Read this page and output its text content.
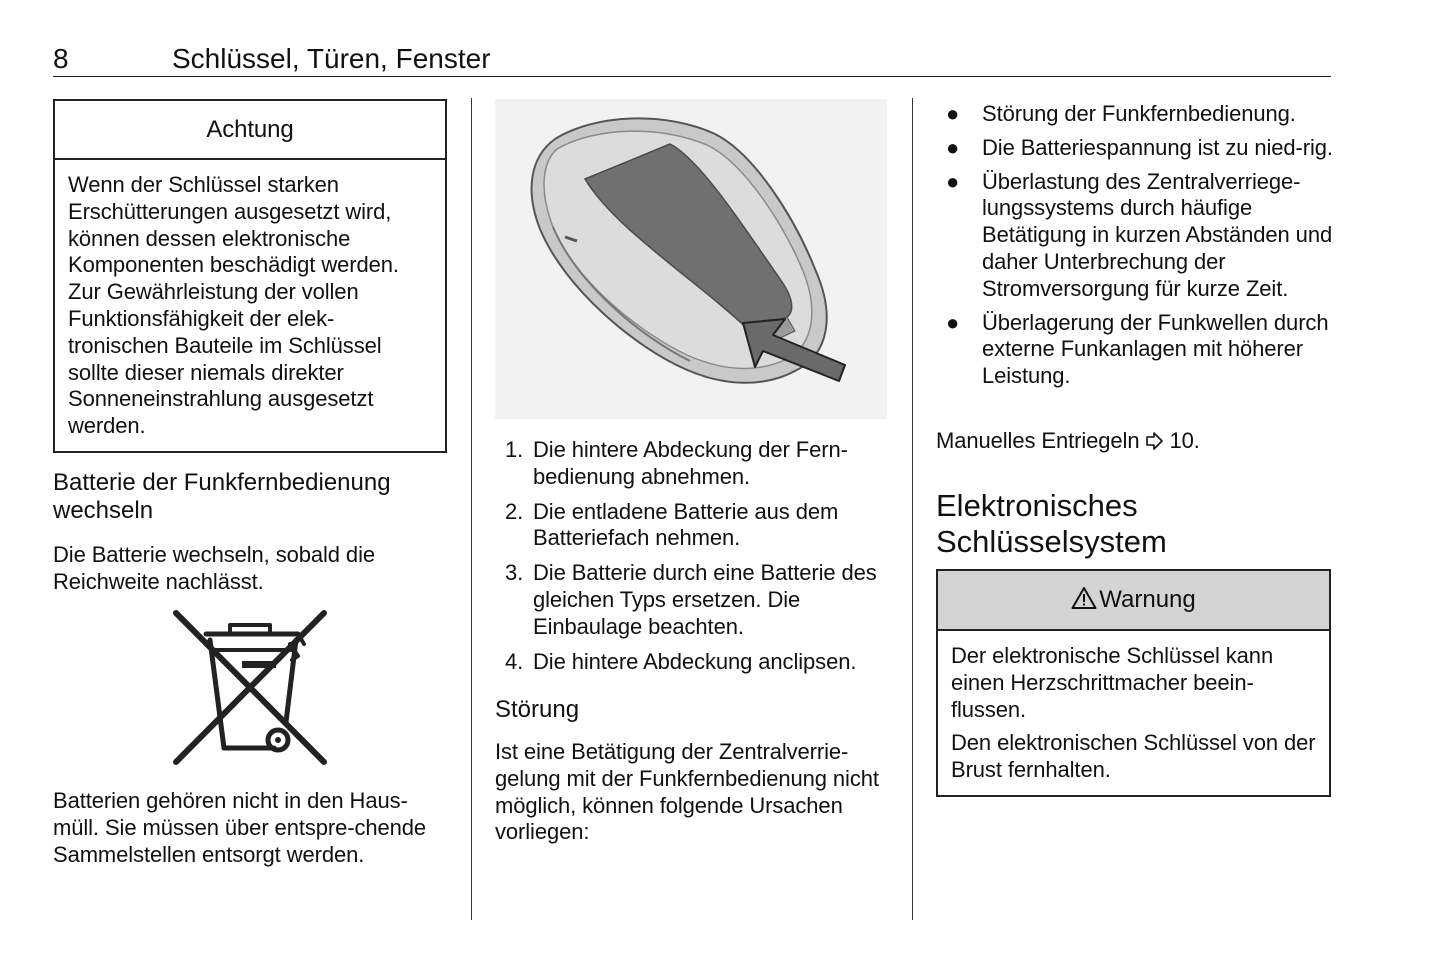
8	Schlüssel, Türen, Fenster
Achtung
Wenn der Schlüssel starken Erschütterungen ausgesetzt wird, können dessen elektronische Komponenten beschädigt werden. Zur Gewährleistung der vollen Funktionsfähigkeit der elek-tronischen Bauteile im Schlüssel sollte dieser niemals direkter Sonneneinstrahlung ausgesetzt werden.
Batterie der Funkfernbedienung wechseln
Die Batterie wechseln, sobald die Reichweite nachlässt.
Batterien gehören nicht in den Haus-müll. Sie müssen über entspre-chende Sammelstellen entsorgt werden.
1. Die hintere Abdeckung der Fern-bedienung abnehmen.
2. Die entladene Batterie aus dem Batteriefach nehmen.
3. Die Batterie durch eine Batterie des gleichen Typs ersetzen. Die Einbaulage beachten.
4. Die hintere Abdeckung anclipsen.
Störung
Ist eine Betätigung der Zentralverrie-gelung mit der Funkfernbedienung nicht möglich, können folgende Ursachen vorliegen:
● Störung der Funkfernbedienung.
● Die Batteriespannung ist zu nied-rig.
● Überlastung des Zentralverriege-lungssystems durch häufige Betätigung in kurzen Abständen und daher Unterbrechung der Stromversorgung für kurze Zeit.
● Überlagerung der Funkwellen durch externe Funkanlagen mit höherer Leistung.
Manuelles Entriegeln 10.
Elektronisches Schlüsselsystem
Warnung

Der elektronische Schlüssel kann einen Herzschrittmacher beein-flussen.

Den elektronischen Schlüssel von der Brust fernhalten.
